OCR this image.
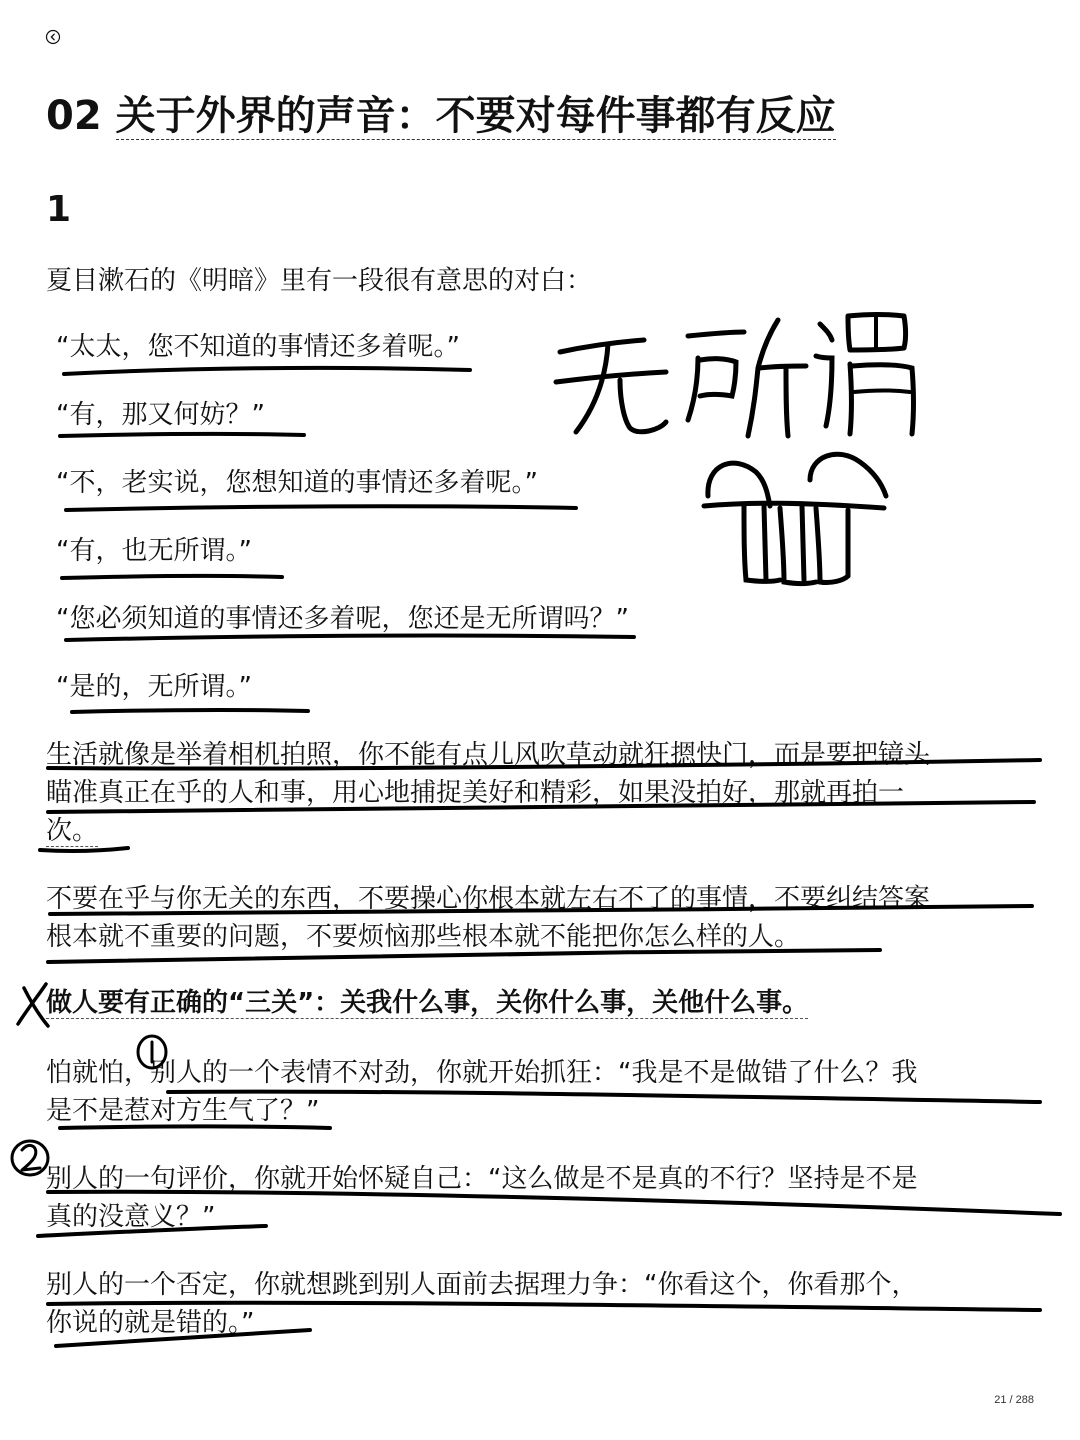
02 关于外界的声音：不要对每件事都有反应
1

夏目漱石的《明暗》里有一段很有意思的对白：

“太太，您不知道的事情还多着呢。”

“有，那又何妨？”

“不，老实说，您想知道的事情还多着呢。”

“有，也无所谓。”

“您必须知道的事情还多着呢，您还是无所谓吗？”

“是的，无所谓。”

生活就像是举着相机拍照，你不能有点儿风吹草动就狂摁快门，而是要把镜头

瞄准真正在乎的人和事，用心地捕捉美好和精彩，如果没拍好，那就再拍一

次。

不要在乎与你无关的东西，不要操心你根本就左右不了的事情，不要纠结答案

根本就不重要的问题，不要烦恼那些根本就不能把你怎么样的人。

做人要有正确的“三关”：关我什么事，关你什么事，关他什么事。

怕就怕，别人的一个表情不对劲，你就开始抓狂：“我是不是做错了什么？我

是不是惹对方生气了？”

别人的一句评价，你就开始怀疑自己：“这么做是不是真的不行？坚持是不是

真的没意义？”

别人的一个否定，你就想跳到别人面前去据理力争：“你看这个，你看那个，

你说的就是错的。”

21 / 288
